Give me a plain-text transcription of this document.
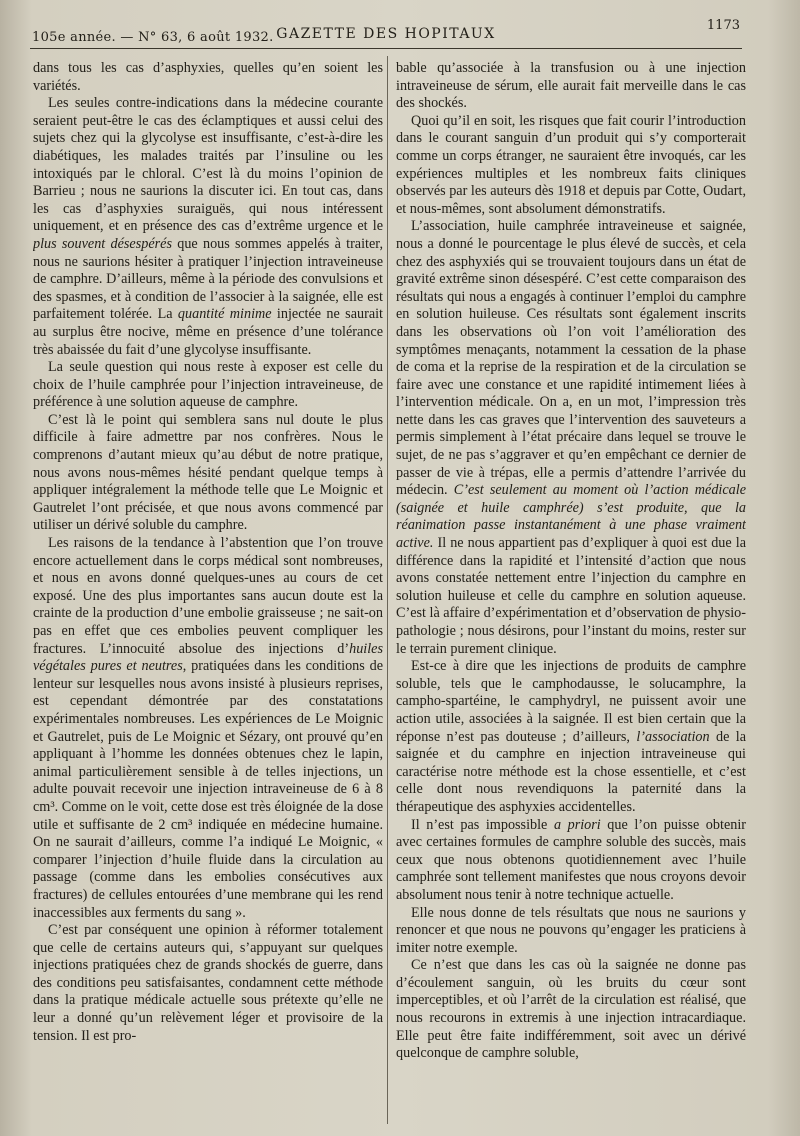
105e année. — N° 63, 6 août 1932. GAZETTE DES HOPITAUX
1173

dans tous les cas d’asphyxies, quelles qu’en soient les variétés.

Les seules contre-indications dans la médecine courante seraient peut-être le cas des éclamptiques et aussi celui des sujets chez qui la glycolyse est insuffisante, c’est-à-dire les diabétiques, les malades traités par l’insuline ou les intoxiqués par le chloral. C’est là du moins l’opinion de Barrieu ; nous ne saurions la discuter ici. En tout cas, dans les cas d’asphyxies suraiguës, qui nous intéressent uniquement, et en présence des cas d’extrême urgence et le plus souvent désespérés que nous sommes appelés à traiter, nous ne saurions hésiter à pratiquer l’injection intraveineuse de camphre. D’ailleurs, même à la période des convulsions et des spasmes, et à condition de l’associer à la saignée, elle est parfaitement tolérée. La quantité minime injectée ne saurait au surplus être nocive, même en présence d’une tolérance très abaissée du fait d’une glycolyse insuffisante.

La seule question qui nous reste à exposer est celle du choix de l’huile camphrée pour l’injection intraveineuse, de préférence à une solution aqueuse de camphre.

C’est là le point qui semblera sans nul doute le plus difficile à faire admettre par nos confrères. Nous le comprenons d’autant mieux qu’au début de notre pratique, nous avons nous-mêmes hésité pendant quelque temps à appliquer intégralement la méthode telle que Le Moignic et Gautrelet l’ont précisée, et que nous avons commencé par utiliser un dérivé soluble du camphre.

Les raisons de la tendance à l’abstention que l’on trouve encore actuellement dans le corps médical sont nombreuses, et nous en avons donné quelques-unes au cours de cet exposé. Une des plus importantes sans aucun doute est la crainte de la production d’une embolie graisseuse ; ne sait-on pas en effet que ces embolies peuvent compliquer les fractures. L’innocuité absolue des injections d’huiles végétales pures et neutres, pratiquées dans les conditions de lenteur sur lesquelles nous avons insisté à plusieurs reprises, est cependant démontrée par des constatations expérimentales nombreuses. Les expériences de Le Moignic et Gautrelet, puis de Le Moignic et Sézary, ont prouvé qu’en appliquant à l’homme les données obtenues chez le lapin, animal particulièrement sensible à de telles injections, un adulte pouvait recevoir une injection intraveineuse de 6 à 8 cm³. Comme on le voit, cette dose est très éloignée de la dose utile et suffisante de 2 cm³ indiquée en médecine humaine. On ne saurait d’ailleurs, comme l’a indiqué Le Moignic, « comparer l’injection d’huile fluide dans la circulation au passage (comme dans les embolies consécutives aux fractures) de cellules entourées d’une membrane qui les rend inaccessibles aux ferments du sang ».

C’est par conséquent une opinion à réformer totalement que celle de certains auteurs qui, s’appuyant sur quelques injections pratiquées chez de grands shockés de guerre, dans des conditions peu satisfaisantes, condamnent cette méthode dans la pratique médicale actuelle sous prétexte qu’elle ne leur a donné qu’un relèvement léger et provisoire de la tension. Il est pro-

bable qu’associée à la transfusion ou à une injection intraveineuse de sérum, elle aurait fait merveille dans le cas des shockés.

Quoi qu’il en soit, les risques que fait courir l’introduction dans le courant sanguin d’un produit qui s’y comporterait comme un corps étranger, ne sauraient être invoqués, car les expériences multiples et les nombreux faits cliniques observés par les auteurs dès 1918 et depuis par Cotte, Oudart, et nous-mêmes, sont absolument démonstratifs.

L’association, huile camphrée intraveineuse et saignée, nous a donné le pourcentage le plus élevé de succès, et cela chez des asphyxiés qui se trouvaient toujours dans un état de gravité extrême sinon désespéré. C’est cette comparaison des résultats qui nous a engagés à continuer l’emploi du camphre en solution huileuse. Ces résultats sont également inscrits dans les observations où l’on voit l’amélioration des symptômes menaçants, notamment la cessation de la phase de coma et la reprise de la respiration et de la circulation se faire avec une constance et une rapidité intimement liées à l’intervention médicale. On a, en un mot, l’impression très nette dans les cas graves que l’intervention des sauveteurs a permis simplement à l’état précaire dans lequel se trouve le sujet, de ne pas s’aggraver et qu’en empêchant ce dernier de passer de vie à trépas, elle a permis d’attendre l’arrivée du médecin. C’est seulement au moment où l’action médicale (saignée et huile camphrée) s’est produite, que la réanimation passe instantanément à une phase vraiment active. Il ne nous appartient pas d’expliquer à quoi est due la différence dans la rapidité et l’intensité d’action que nous avons constatée nettement entre l’injection du camphre en solution huileuse et celle du camphre en solution aqueuse. C’est là affaire d’expérimentation et d’observation de physio-pathologie ; nous désirons, pour l’instant du moins, rester sur le terrain purement clinique.

Est-ce à dire que les injections de produits de camphre soluble, tels que le camphodausse, le solucamphre, la campho-spartéine, le camphydryl, ne puissent avoir une action utile, associées à la saignée. Il est bien certain que la réponse n’est pas douteuse ; d’ailleurs, l’association de la saignée et du camphre en injection intraveineuse qui caractérise notre méthode est la chose essentielle, et c’est celle dont nous revendiquons la paternité dans la thérapeutique des asphyxies accidentelles.

Il n’est pas impossible a priori que l’on puisse obtenir avec certaines formules de camphre soluble des succès, mais ceux que nous obtenons quotidiennement avec l’huile camphrée sont tellement manifestes que nous croyons devoir absolument nous tenir à notre technique actuelle.

Elle nous donne de tels résultats que nous ne saurions y renoncer et que nous ne pouvons qu’engager les praticiens à imiter notre exemple.

Ce n’est que dans les cas où la saignée ne donne pas d’écoulement sanguin, où les bruits du cœur sont imperceptibles, et où l’arrêt de la circulation est réalisé, que nous recourons in extremis à une injection intracardiaque. Elle peut être faite indifféremment, soit avec un dérivé quelconque de camphre soluble,
